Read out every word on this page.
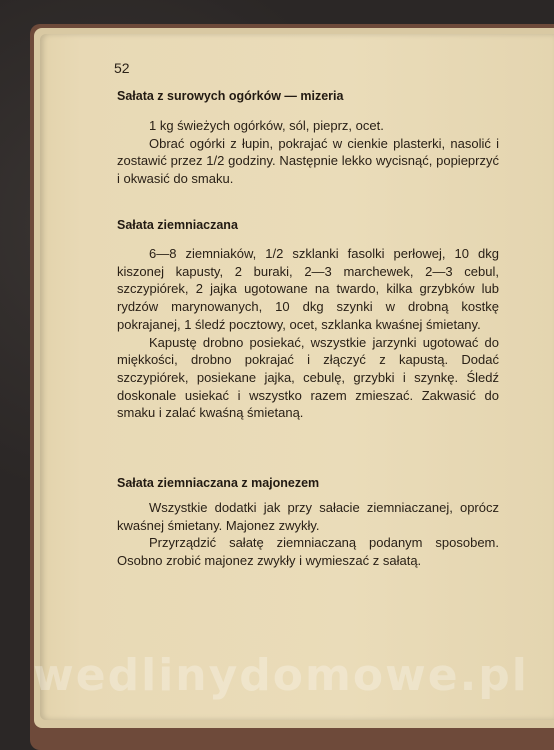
52
Sałata z surowych ogórków — mizeria
1 kg świeżych ogórków, sól, pieprz, ocet.
Obrać ogórki z łupin, pokrajać w cienkie plasterki, nasolić i zostawić przez 1/2 godziny. Następnie lekko wycisnąć, popieprzyć i okwasić do smaku.
Sałata ziemniaczana
6—8 ziemniaków, 1/2 szklanki fasolki perłowej, 10 dkg kiszonej kapusty, 2 buraki, 2—3 marchewek, 2—3 cebul, szczypiórek, 2 jajka ugotowane na twardo, kilka grzybków lub rydzów marynowanych, 10 dkg szynki w drobną kostkę pokrajanej, 1 śledź pocztowy, ocet, szklanka kwaśnej śmietany.
Kapustę drobno posiekać, wszystkie jarzynki ugotować do miękkości, drobno pokrajać i złączyć z kapustą. Dodać szczypiórek, posiekane jajka, cebulę, grzybki i szynkę. Śledź doskonale usiekać i wszystko razem zmieszać. Zakwasić do smaku i zalać kwaśną śmietaną.
Sałata ziemniaczana z majonezem
Wszystkie dodatki jak przy sałacie ziemniaczanej, oprócz kwaśnej śmietany. Majonez zwykły.
Przyrządzić sałatę ziemniaczaną podanym sposobem. Osobno zrobić majonez zwykły i wymieszać z sałatą.
wedlinydomowe.pl
